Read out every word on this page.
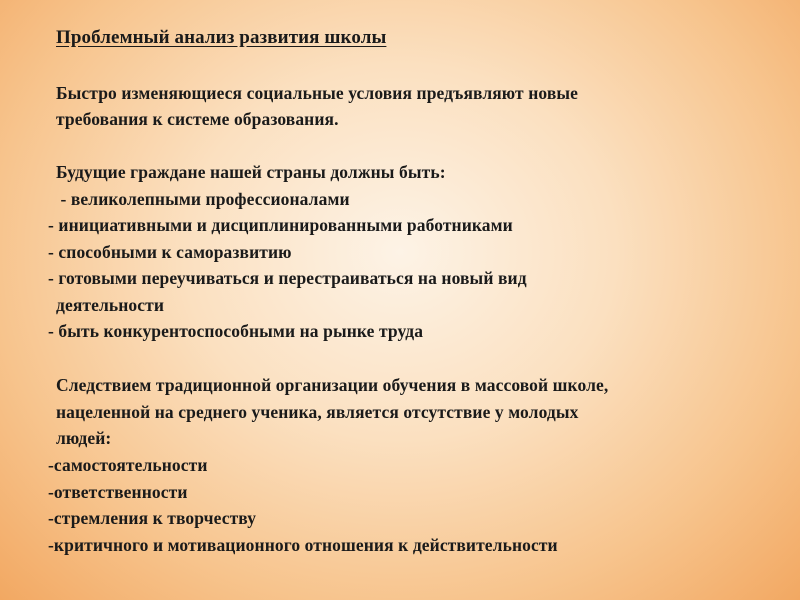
Проблемный анализ развития школы
Быстро изменяющиеся социальные условия предъявляют новые
требования к системе образования.
Будущие граждане нашей страны должны быть:
- великолепными профессионалами
- инициативными и дисциплинированными работниками
- способными к саморазвитию
- готовыми переучиваться и перестраиваться на новый вид
деятельности
- быть конкурентоспособными на рынке труда
Следствием традиционной организации обучения в массовой школе,
нацеленной на среднего ученика, является отсутствие у молодых
людей:
-самостоятельности
-ответственности
-стремления к творчеству
-критичного и мотивационного отношения к действительности
